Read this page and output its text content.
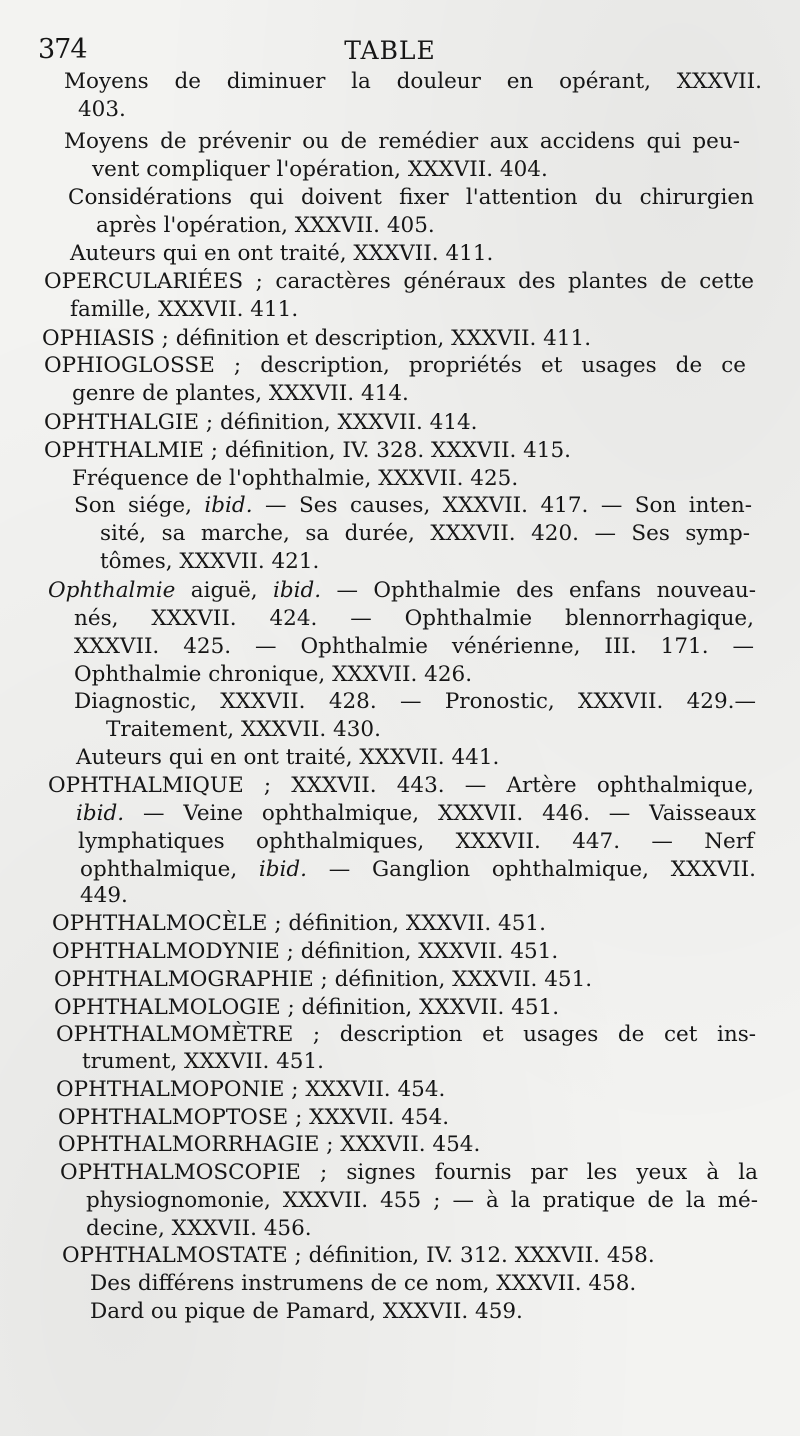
374	TABLE
Moyens de diminuer la douleur en opérant, XXXVII.
403.
Moyens de prévenir ou de remédier aux accidens qui peu-
vent compliquer l'opération, XXXVII. 404.
Considérations qui doivent fixer l'attention du chirurgien
après l'opération, XXXVII. 405.
Auteurs qui en ont traité, XXXVII. 411.
OPERCULARIÉES ; caractères généraux des plantes de cette
famille, XXXVII. 411.
OPHIASIS ; définition et description, XXXVII. 411.
OPHIOGLOSSE ; description, propriétés et usages de ce
genre de plantes, XXXVII. 414.
OPHTHALGIE ; définition, XXXVII. 414.
OPHTHALMIE ; définition, IV. 328. XXXVII. 415.
Fréquence de l'ophthalmie, XXXVII. 425.
Son siége, ibid. — Ses causes, XXXVII. 417. — Son inten-
sité, sa marche, sa durée, XXXVII. 420. — Ses symp-
tômes, XXXVII. 421.
Ophthalmie aiguë, ibid. — Ophthalmie des enfans nouveau-
nés, XXXVII. 424. — Ophthalmie blennorrhagique,
XXXVII. 425. — Ophthalmie vénérienne, III. 171. —
Ophthalmie chronique, XXXVII. 426.
Diagnostic, XXXVII. 428. — Pronostic, XXXVII. 429.—
Traitement, XXXVII. 430.
Auteurs qui en ont traité, XXXVII. 441.
OPHTHALMIQUE ; XXXVII. 443. — Artère ophthalmique,
ibid. — Veine ophthalmique, XXXVII. 446. — Vaisseaux
lymphatiques ophthalmiques, XXXVII. 447. — Nerf
ophthalmique, ibid. — Ganglion ophthalmique, XXXVII.
449.
OPHTHALMOCÈLE ; définition, XXXVII. 451.
OPHTHALMODYNIE ; définition, XXXVII. 451.
OPHTHALMOGRAPHIE ; définition, XXXVII. 451.
OPHTHALMOLOGIE ; définition, XXXVII. 451.
OPHTHALMOMÈTRE ; description et usages de cet ins-
trument, XXXVII. 451.
OPHTHALMOPONIE ; XXXVII. 454.
OPHTHALMOPTOSE ; XXXVII. 454.
OPHTHALMORRHAGIE ; XXXVII. 454.
OPHTHALMOSCOPIE ; signes fournis par les yeux à la
physiognomonie, XXXVII. 455 ; — à la pratique de la mé-
decine, XXXVII. 456.
OPHTHALMOSTATE ; définition, IV. 312. XXXVII. 458.
Des différens instrumens de ce nom, XXXVII. 458.
Dard ou pique de Pamard, XXXVII. 459.
